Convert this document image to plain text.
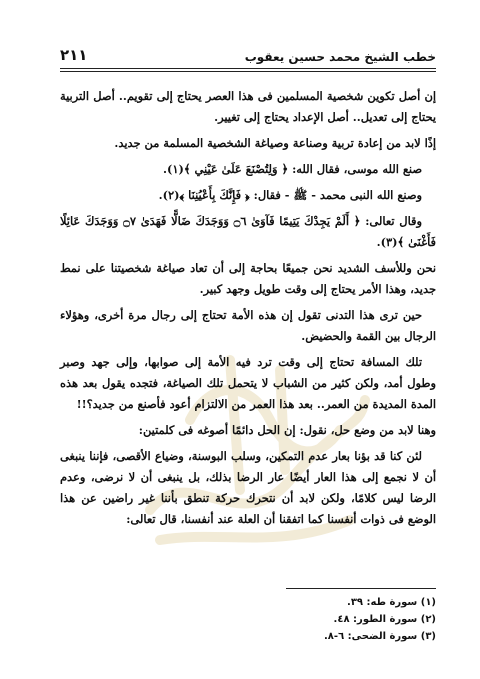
خطب الشيخ محمد حسين يعقوب
٢١١

إن أصل تكوين شخصية المسلمين فى هذا العصر يحتاج إلى تقويم.. أصل التربية يحتاج إلى تعديل.. أصل الإعداد يحتاج إلى تغيير.

إذًا لابد من إعادة تربية وصناعة وصياغة الشخصية المسلمة من جديد.

صنع الله موسى، فقال الله: ﴿ وَلِتُصْنَعَ عَلَىٰ عَيْنِي ﴾(١).

وصنع الله النبى محمد - ﷺ - فقال: ﴿ فَإِنَّكَ بِأَعْيُنِنَا ﴾(٢).

وقال تعالى: ﴿ أَلَمْ يَجِدْكَ يَتِيمًا فَآوَىٰ ۝٦ وَوَجَدَكَ ضَالًّا فَهَدَىٰ ۝٧ وَوَجَدَكَ عَائِلًا فَأَغْنَىٰ ﴾(٣).

نحن وللأسف الشديد نحن جميعًا بحاجة إلى أن تعاد صياغة شخصيتنا على نمط جديد، وهذا الأمر يحتاج إلى وقت طويل وجهد كبير.

حين ترى هذا التدنى تقول إن هذه الأمة تحتاج إلى رجال مرة أخرى، وهؤلاء الرجال بين القمة والحضيض.

تلك المسافة تحتاج إلى وقت ترد فيه الأمة إلى صوابها، وإلى جهد وصبر وطول أمد، ولكن كثير من الشباب لا يتحمل تلك الصياغة، فتجده يقول بعد هذه المدة المديدة من العمر.. بعد هذا العمر من الالتزام أعود فأصنع من جديد؟!!

وهنا لابد من وضع حل، نقول: إن الحل دائمًا أصوغه فى كلمتين:

لئن كنا قد بؤنا بعار عدم التمكين، وسلب البوسنة، وضياع الأقصى، فإننا ينبغى أن لا نجمع إلى هذا العار أيضًا عار الرضا بذلك، بل ينبغى أن لا نرضى، وعدم الرضا ليس كلامًا، ولكن لابد أن نتحرك حركة تنطق بأننا غير راضين عن هذا الوضع فى ذوات أنفسنا كما اتفقنا أن العلة عند أنفسنا، قال تعالى:

(١) سورة طه: ٣٩.
(٢) سورة الطور: ٤٨.
(٣) سورة الضحى: ٦-٨.
